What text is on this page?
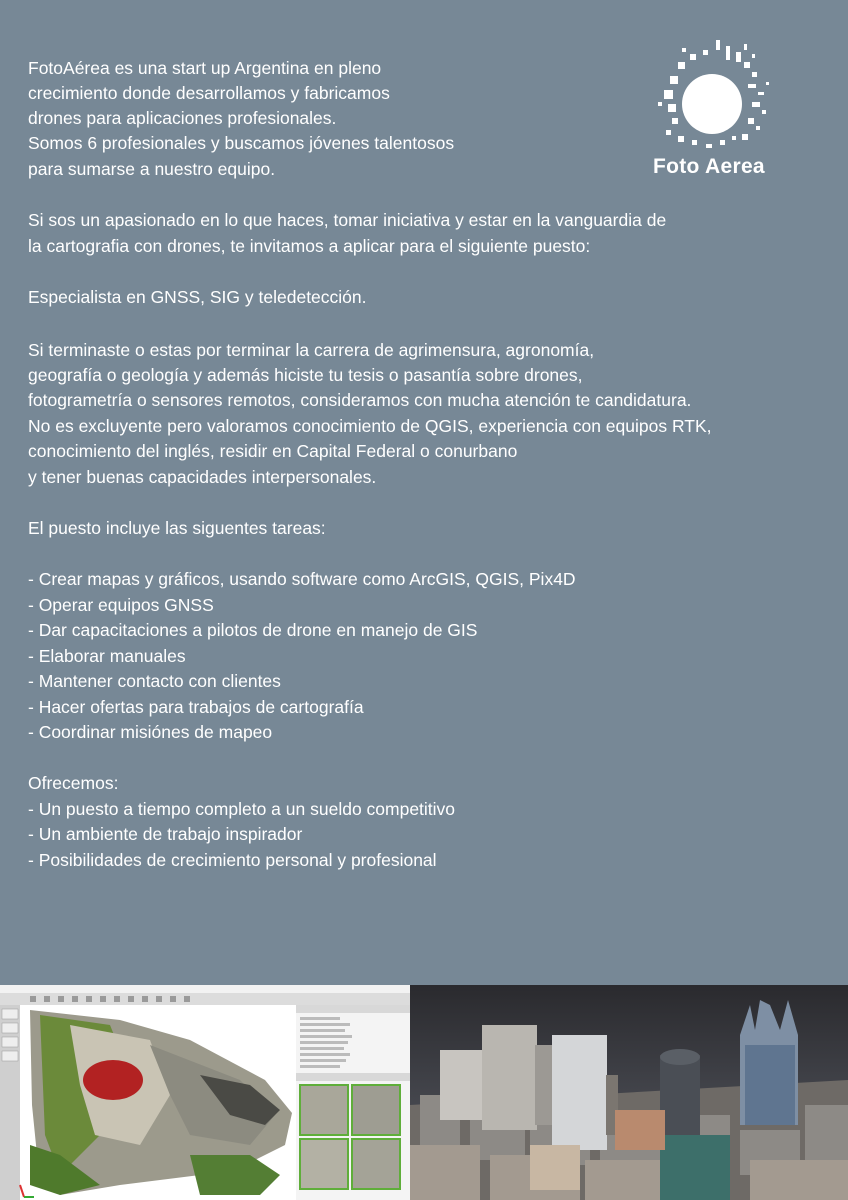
Foto Aerea
FotoAérea es una start up Argentina en pleno
crecimiento donde desarrollamos y fabricamos
drones para aplicaciones profesionales.
Somos 6 profesionales y buscamos jóvenes talentosos
para sumarse a nuestro equipo.
Si sos un apasionado en lo que haces, tomar iniciativa y estar en la vanguardia de
la cartografia con drones, te invitamos a aplicar para el siguiente puesto:
Especialista en GNSS, SIG y teledetección.
Si terminaste o estas por terminar la carrera de agrimensura, agronomía,
geografía o geología y además hiciste tu tesis o pasantía sobre drones,
fotogrametría o sensores remotos, consideramos con mucha atención te candidatura.
No es excluyente pero valoramos conocimiento de QGIS, experiencia con equipos RTK,
conocimiento del inglés, residir en Capital Federal o conurbano
y tener buenas capacidades interpersonales.
El puesto incluye las siguentes tareas:
- Crear mapas y gráficos, usando software como ArcGIS, QGIS, Pix4D
- Operar equipos GNSS
- Dar capacitaciones a pilotos de drone en manejo de GIS
- Elaborar manuales
- Mantener contacto con clientes
- Hacer ofertas para trabajos de cartografía
- Coordinar misiónes de mapeo
Ofrecemos:
- Un puesto a tiempo completo a un sueldo competitivo
- Un ambiente de trabajo inspirador
- Posibilidades de crecimiento personal y profesional
